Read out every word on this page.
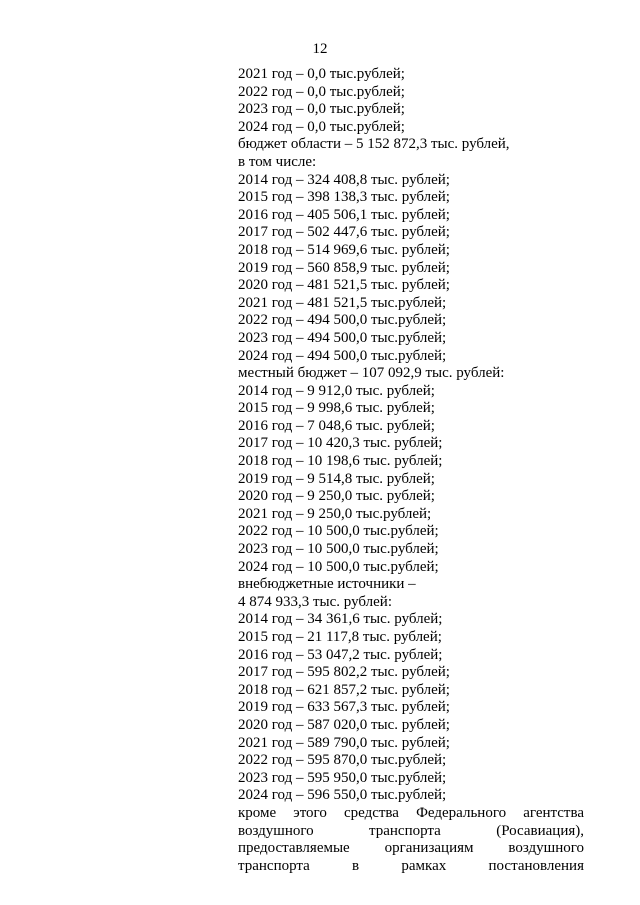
12
2021 год – 0,0 тыс.рублей;
2022 год – 0,0 тыс.рублей;
2023 год – 0,0 тыс.рублей;
2024 год – 0,0 тыс.рублей;
бюджет области – 5 152 872,3 тыс. рублей,
в том числе:
2014 год – 324 408,8 тыс. рублей;
2015 год – 398 138,3 тыс. рублей;
2016 год – 405 506,1 тыс. рублей;
2017 год – 502 447,6 тыс. рублей;
2018 год – 514 969,6 тыс. рублей;
2019 год – 560 858,9 тыс. рублей;
2020 год – 481 521,5 тыс. рублей;
2021 год – 481 521,5 тыс.рублей;
2022 год – 494 500,0 тыс.рублей;
2023 год – 494 500,0 тыс.рублей;
2024 год – 494 500,0 тыс.рублей;
местный бюджет – 107 092,9 тыс. рублей:
2014 год – 9 912,0 тыс. рублей;
2015 год – 9 998,6 тыс. рублей;
2016 год – 7 048,6 тыс. рублей;
2017 год – 10 420,3 тыс. рублей;
2018 год – 10 198,6 тыс. рублей;
2019 год – 9 514,8 тыс. рублей;
2020 год – 9 250,0 тыс. рублей;
2021 год – 9 250,0 тыс.рублей;
2022 год – 10 500,0 тыс.рублей;
2023 год – 10 500,0 тыс.рублей;
2024 год – 10 500,0 тыс.рублей;
внебюджетные источники –
4 874 933,3 тыс. рублей:
2014 год – 34 361,6 тыс. рублей;
2015 год – 21 117,8 тыс. рублей;
2016 год – 53 047,2 тыс. рублей;
2017 год – 595 802,2 тыс. рублей;
2018 год – 621 857,2 тыс. рублей;
2019 год – 633 567,3 тыс. рублей;
2020 год – 587 020,0 тыс. рублей;
2021 год – 589 790,0 тыс. рублей;
2022 год – 595 870,0 тыс.рублей;
2023 год – 595 950,0 тыс.рублей;
2024 год – 596 550,0 тыс.рублей;
кроме этого средства Федерального агентства
воздушного транспорта (Росавиация),
предоставляемые организациям воздушного
транспорта в рамках постановления
